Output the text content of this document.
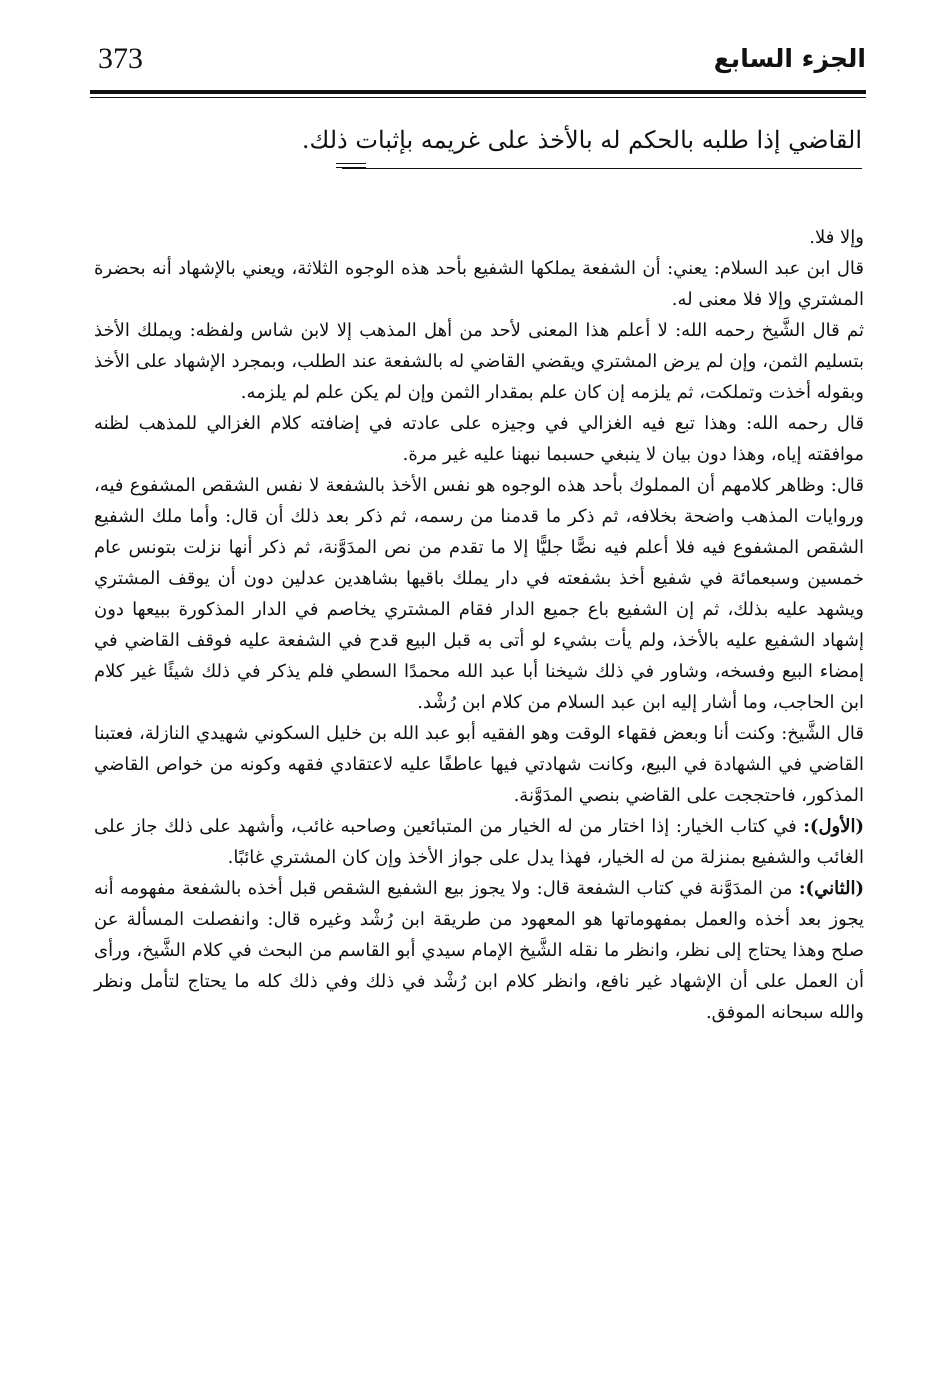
373	الجزء السابع
القاضي إذا طلبه بالحكم له بالأخذ على غريمه بإثبات ذلك.

وإلا فلا.

قال ابن عبد السلام: يعني: أن الشفعة يملكها الشفيع بأحد هذه الوجوه الثلاثة، ويعني بالإشهاد أنه بحضرة المشتري وإلا فلا معنى له.

ثم قال الشَّيخ رحمه الله: لا أعلم هذا المعنى لأحد من أهل المذهب إلا لابن شاس ولفظه: ويملك الأخذ بتسليم الثمن، وإن لم يرض المشتري ويقضي القاضي له بالشفعة عند الطلب، وبمجرد الإشهاد على الأخذ وبقوله أخذت وتملكت، ثم يلزمه إن كان علم بمقدار الثمن وإن لم يكن علم لم يلزمه.

قال رحمه الله: وهذا تبع فيه الغزالي في وجيزه على عادته في إضافته كلام الغزالي للمذهب لظنه موافقته إياه، وهذا دون بيان لا ينبغي حسبما نبهنا عليه غير مرة.

قال: وظاهر كلامهم أن المملوك بأحد هذه الوجوه هو نفس الأخذ بالشفعة لا نفس الشقص المشفوع فيه، وروايات المذهب واضحة بخلافه، ثم ذكر ما قدمنا من رسمه، ثم ذكر بعد ذلك أن قال: وأما ملك الشفيع الشقص المشفوع فيه فلا أعلم فيه نصًّا جليًّا إلا ما تقدم من نص المدَوَّنة، ثم ذكر أنها نزلت بتونس عام خمسين وسبعمائة في شفيع أخذ بشفعته في دار يملك باقيها بشاهدين عدلين دون أن يوقف المشتري ويشهد عليه بذلك، ثم إن الشفيع باع جميع الدار فقام المشتري يخاصم في الدار المذكورة ببيعها دون إشهاد الشفيع عليه بالأخذ، ولم يأت بشيء لو أتى به قبل البيع قدح في الشفعة عليه فوقف القاضي في إمضاء البيع وفسخه، وشاور في ذلك شيخنا أبا عبد الله محمدًا السطي فلم يذكر في ذلك شيئًا غير كلام ابن الحاجب، وما أشار إليه ابن عبد السلام من كلام ابن رُشْد.

قال الشَّيخ: وكنت أنا وبعض فقهاء الوقت وهو الفقيه أبو عبد الله بن خليل السكوني شهيدي النازلة، فعتبنا القاضي في الشهادة في البيع، وكانت شهادتي فيها عاطفًا عليه لاعتقادي فقهه وكونه من خواص القاضي المذكور، فاحتججت على القاضي بنصي المدَوَّنة.

(الأول): في كتاب الخيار: إذا اختار من له الخيار من المتبائعين وصاحبه غائب، وأشهد على ذلك جاز على الغائب والشفيع بمنزلة من له الخيار، فهذا يدل على جواز الأخذ وإن كان المشتري غائبًا.

(الثاني): من المدَوَّنة في كتاب الشفعة قال: ولا يجوز بيع الشفيع الشقص قبل أخذه بالشفعة مفهومه أنه يجوز بعد أخذه والعمل بمفهوماتها هو المعهود من طريقة ابن رُشْد وغيره قال: وانفصلت المسألة عن صلح وهذا يحتاج إلى نظر، وانظر ما نقله الشَّيخ الإمام سيدي أبو القاسم من البحث في كلام الشَّيخ، ورأى أن العمل على أن الإشهاد غير نافع، وانظر كلام ابن رُشْد في ذلك وفي ذلك كله ما يحتاج لتأمل ونظر والله سبحانه الموفق.
